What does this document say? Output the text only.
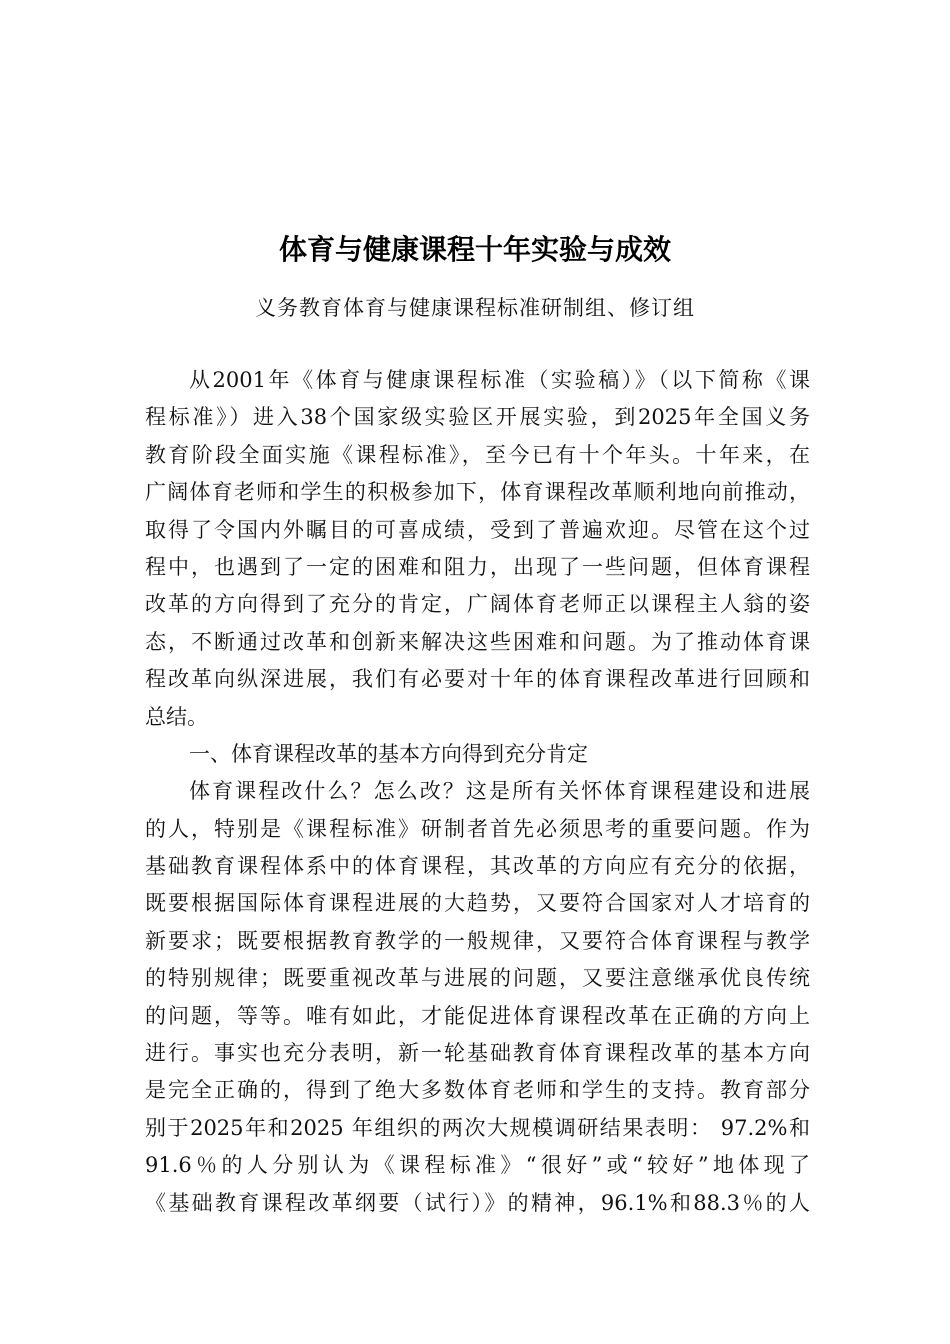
体育与健康课程十年实验与成效
义务教育体育与健康课程标准研制组、修订组
从2001年《体育与健康课程标准（实验稿）》（以下简称《课
程标准》）进入38个国家级实验区开展实验，到2025年全国义务
教育阶段全面实施《课程标准》，至今已有十个年头。十年来，在
广阔体育老师和学生的积极参加下，体育课程改革顺利地向前推动，
取得了令国内外瞩目的可喜成绩，受到了普遍欢迎。尽管在这个过
程中，也遇到了一定的困难和阻力，出现了一些问题，但体育课程
改革的方向得到了充分的肯定，广阔体育老师正以课程主人翁的姿
态，不断通过改革和创新来解决这些困难和问题。为了推动体育课
程改革向纵深进展，我们有必要对十年的体育课程改革进行回顾和
总结。
一、体育课程改革的基本方向得到充分肯定
体育课程改什么？怎么改？这是所有关怀体育课程建设和进展
的人，特别是《课程标准》研制者首先必须思考的重要问题。作为
基础教育课程体系中的体育课程，其改革的方向应有充分的依据，
既要根据国际体育课程进展的大趋势，又要符合国家对人才培育的
新要求；既要根据教育教学的一般规律，又要符合体育课程与教学
的特别规律；既要重视改革与进展的问题，又要注意继承优良传统
的问题，等等。唯有如此，才能促进体育课程改革在正确的方向上
进行。事实也充分表明，新一轮基础教育体育课程改革的基本方向
是完全正确的，得到了绝大多数体育老师和学生的支持。教育部分
别于2025年和2025 年组织的两次大规模调研结果表明： 97.2%和
91.6％的人分别认为《课程标准》“很好”或“较好”地体现了
《基础教育课程改革纲要（试行）》的精神，96.1%和88.3％的人
